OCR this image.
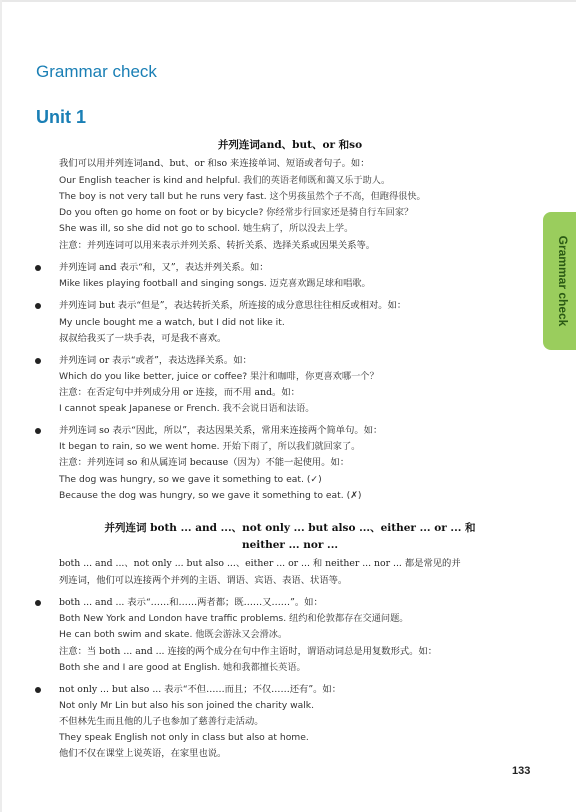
Grammar check
Unit 1
Grammar check
并列连词and、but、or 和so
并列连词 both ... and ...、not only ... but also ...、either ... or ... 和
neither ... nor ...
我们可以用并列连词and、but、or 和so 来连接单词、短语或者句子。如：
Our English teacher is kind and helpful. 我们的英语老师既和蔼又乐于助人。
The boy is not very tall but he runs very fast. 这个男孩虽然个子不高，但跑得很快。
Do you often go home on foot or by bicycle? 你经常步行回家还是骑自行车回家？
She was ill, so she did not go to school. 她生病了，所以没去上学。
注意：并列连词可以用来表示并列关系、转折关系、选择关系或因果关系等。
并列连词 and 表示“和，又”，表达并列关系。如：
Mike likes playing football and singing songs. 迈克喜欢踢足球和唱歌。
并列连词 but 表示“但是”，表达转折关系，所连接的成分意思往往相反或相对。如：
My uncle bought me a watch, but I did not like it.
叔叔给我买了一块手表，可是我不喜欢。
并列连词 or 表示“或者”，表达选择关系。如：
Which do you like better, juice or coffee? 果汁和咖啡，你更喜欢哪一个？
注意：在否定句中并列成分用 or 连接，而不用 and。如：
I cannot speak Japanese or French. 我不会说日语和法语。
并列连词 so 表示“因此，所以”，表达因果关系，常用来连接两个简单句。如：
It began to rain, so we went home. 开始下雨了，所以我们就回家了。
注意：并列连词 so 和从属连词 because（因为）不能一起使用。如：
The dog was hungry, so we gave it something to eat. (✓)
Because the dog was hungry, so we gave it something to eat. (✗)
both ... and ...、not only ... but also ...、either ... or ... 和 neither ... nor ... 都是常见的并
列连词，他们可以连接两个并列的主语、谓语、宾语、表语、状语等。
both ... and ... 表示“……和……两者都；既……又……”。如：
Both New York and London have traffic problems. 纽约和伦敦都存在交通问题。
He can both swim and skate. 他既会游泳又会滑冰。
注意：当 both ... and ... 连接的两个成分在句中作主语时，谓语动词总是用复数形式。如：
Both she and I are good at English. 她和我都擅长英语。
not only ... but also ... 表示“不但……而且；不仅……还有”。如：
Not only Mr Lin but also his son joined the charity walk.
不但林先生而且他的儿子也参加了慈善行走活动。
They speak English not only in class but also at home.
他们不仅在课堂上说英语，在家里也说。
133
